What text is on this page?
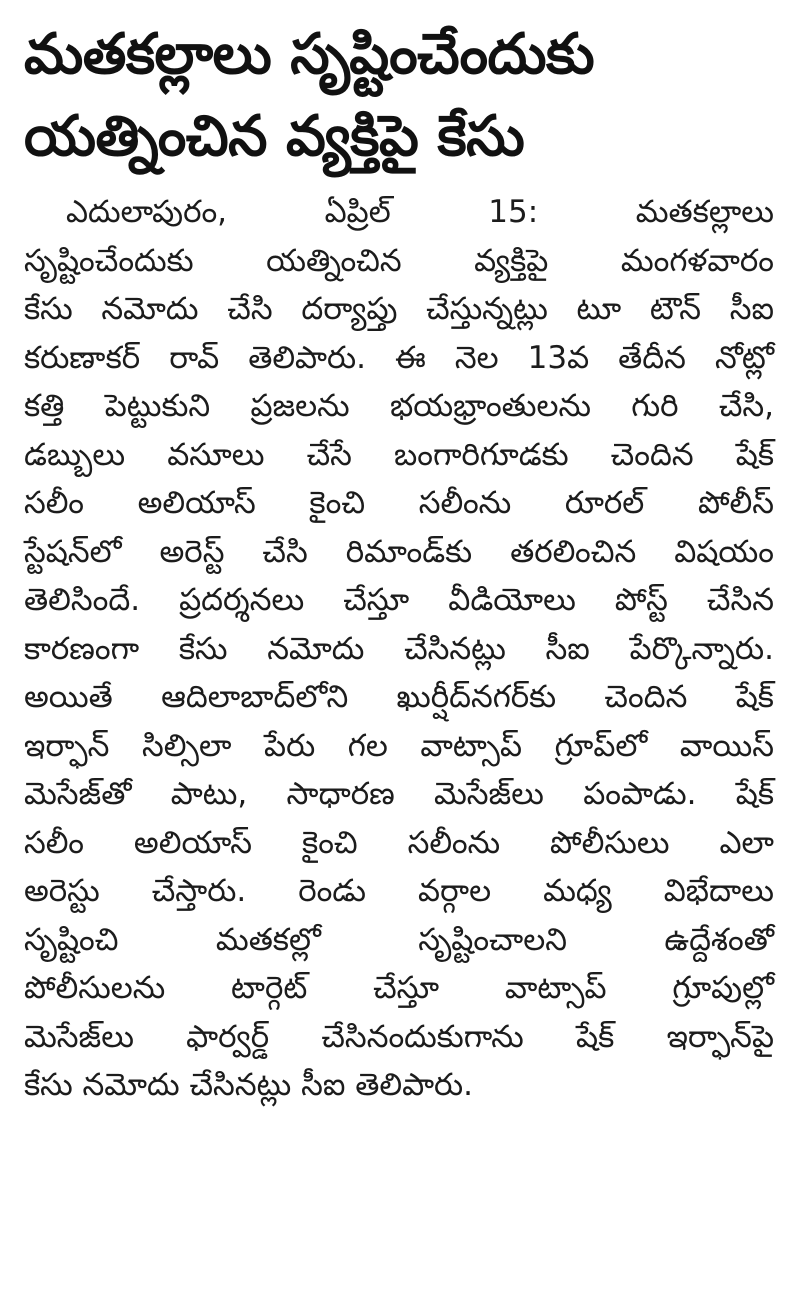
మతకల్లాలు సృష్టించేందుకు
యత్నించిన వ్యక్తిపై కేసు
ఎదులాపురం, ఏప్రిల్ 15: మతకల్లాలు
సృష్టించేందుకు యత్నించిన వ్యక్తిపై మంగళవారం
కేసు నమోదు చేసి దర్యాప్తు చేస్తున్నట్లు టూ టౌన్ సీఐ
కరుణాకర్ రావ్ తెలిపారు. ఈ నెల 13వ తేదీన నోట్లో
కత్తి పెట్టుకుని ప్రజలను భయభ్రాంతులను గురి చేసి,
డబ్బులు వసూలు చేసే బంగారిగూడకు చెందిన షేక్
సలీం అలియాస్ కైంచి సలీంను రూరల్ పోలీస్
స్టేషన్‌లో అరెస్ట్ చేసి రిమాండ్‌కు తరలించిన విషయం
తెలిసిందే. ప్రదర్శనలు చేస్తూ వీడియోలు పోస్ట్ చేసిన
కారణంగా కేసు నమోదు చేసినట్లు సీఐ పేర్కొన్నారు.
అయితే ఆదిలాబాద్‌లోని ఖుర్షీద్‌నగర్‌కు చెందిన షేక్
ఇర్ఫాన్ సిల్సిలా పేరు గల వాట్సాప్ గ్రూప్‌లో వాయిస్
మెసేజ్‌తో పాటు, సాధారణ మెసేజ్‌లు పంపాడు. షేక్
సలీం అలియాస్ కైంచి సలీంను పోలీసులు ఎలా
అరెస్టు చేస్తారు. రెండు వర్గాల మధ్య విభేదాలు
సృష్టించి మతకల్లో సృష్టించాలని ఉద్దేశంతో
పోలీసులను టార్గెట్ చేస్తూ వాట్సాప్ గ్రూపుల్లో
మెసేజ్‌లు ఫార్వర్డ్ చేసినందుకుగాను షేక్ ఇర్ఫాన్‌పై
కేసు నమోదు చేసినట్లు సీఐ తెలిపారు.
